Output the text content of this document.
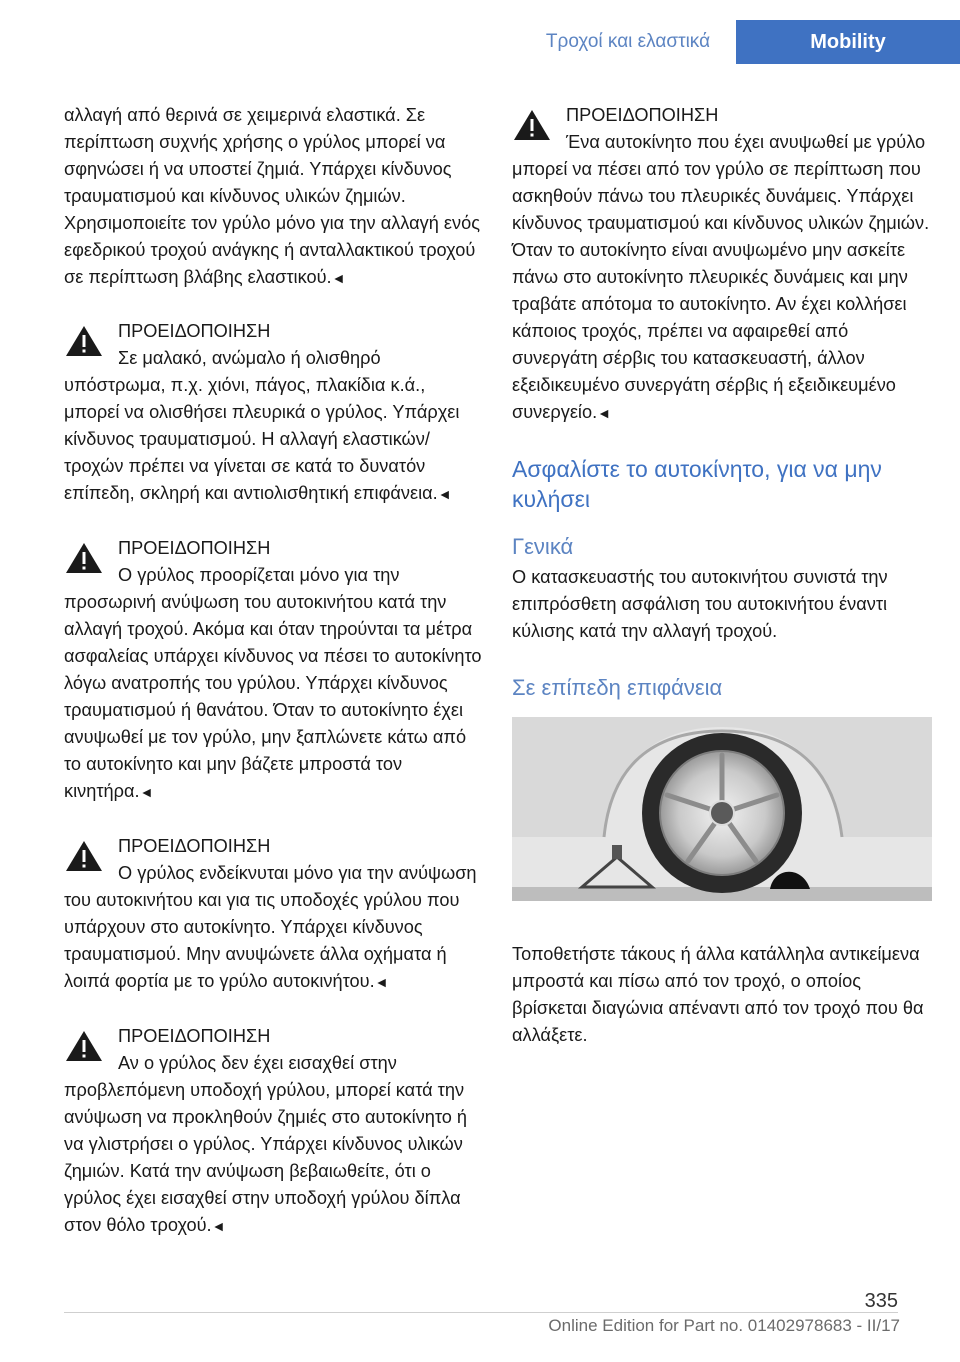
Τροχοί και ελαστικά	Mobility

αλλαγή από θερινά σε χειμερινά ελαστικά. Σε περίπτωση συχνής χρήσης ο γρύλος μπορεί να σφηνώσει ή να υποστεί ζημιά. Υπάρχει κίνδυνος τραυματισμού και κίνδυνος υλικών ζημιών. Χρησιμοποιείτε τον γρύλο μόνο για την αλλαγή ενός εφεδρικού τροχού ανάγκης ή ανταλλακτικού τροχού σε περίπτωση βλάβης ελαστικού.◄

ΠΡΟΕΙΔΟΠΟΙΗΣΗ
Σε μαλακό, ανώμαλο ή ολισθηρό υπόστρωμα, π.χ. χιόνι, πάγος, πλακίδια κ.ά., μπορεί να ολισθήσει πλευρικά ο γρύλος. Υπάρχει κίνδυνος τραυματισμού. Η αλλαγή ελαστικών/τροχών πρέπει να γίνεται σε κατά το δυνατόν επίπεδη, σκληρή και αντιολισθητική επιφάνεια.◄
ΠΡΟΕΙΔΟΠΟΙΗΣΗ
Ο γρύλος προορίζεται μόνο για την προσωρινή ανύψωση του αυτοκινήτου κατά την αλλαγή τροχού. Ακόμα και όταν τηρούνται τα μέτρα ασφαλείας υπάρχει κίνδυνος να πέσει το αυτοκίνητο λόγω ανατροπής του γρύλου. Υπάρχει κίνδυνος τραυματισμού ή θανάτου. Όταν το αυτοκίνητο έχει ανυψωθεί με τον γρύλο, μην ξαπλώνετε κάτω από το αυτοκίνητο και μην βάζετε μπροστά τον κινητήρα.◄
ΠΡΟΕΙΔΟΠΟΙΗΣΗ
Ο γρύλος ενδείκνυται μόνο για την ανύψωση του αυτοκινήτου και για τις υποδοχές γρύλου που υπάρχουν στο αυτοκίνητο. Υπάρχει κίνδυνος τραυματισμού. Μην ανυψώνετε άλλα οχήματα ή λοιπά φορτία με το γρύλο αυτοκινήτου.◄
ΠΡΟΕΙΔΟΠΟΙΗΣΗ
Αν ο γρύλος δεν έχει εισαχθεί στην προβλεπόμενη υποδοχή γρύλου, μπορεί κατά την ανύψωση να προκληθούν ζημιές στο αυτοκίνητο ή να γλιστρήσει ο γρύλος. Υπάρχει κίνδυνος υλικών ζημιών. Κατά την ανύψωση βεβαιωθείτε, ότι ο γρύλος έχει εισαχθεί στην υποδοχή γρύλου δίπλα στον θόλο τροχού.◄
ΠΡΟΕΙΔΟΠΟΙΗΣΗ
Ένα αυτοκίνητο που έχει ανυψωθεί με γρύλο μπορεί να πέσει από τον γρύλο σε περίπτωση που ασκηθούν πάνω του πλευρικές δυνάμεις. Υπάρχει κίνδυνος τραυματισμού και κίνδυνος υλικών ζημιών. Όταν το αυτοκίνητο είναι ανυψωμένο μην ασκείτε πάνω στο αυτοκίνητο πλευρικές δυνάμεις και μην τραβάτε απότομα το αυτοκίνητο. Αν έχει κολλήσει κάποιος τροχός, πρέπει να αφαιρεθεί από συνεργάτη σέρβις του κατασκευαστή, άλλον εξειδικευμένο συνεργάτη σέρβις ή εξειδικευμένο συνεργείο.◄
Ασφαλίστε το αυτοκίνητο, για να μην κυλήσει
Γενικά

Ο κατασκευαστής του αυτοκινήτου συνιστά την επιπρόσθετη ασφάλιση του αυτοκινήτου έναντι κύλισης κατά την αλλαγή τροχού.

Σε επίπεδη επιφάνεια

Τοποθετήστε τάκους ή άλλα κατάλληλα αντικείμενα μπροστά και πίσω από τον τροχό, ο οποίος βρίσκεται διαγώνια απέναντι από τον τροχό που θα αλλάξετε.

335
Online Edition for Part no. 01402978683 - II/17
